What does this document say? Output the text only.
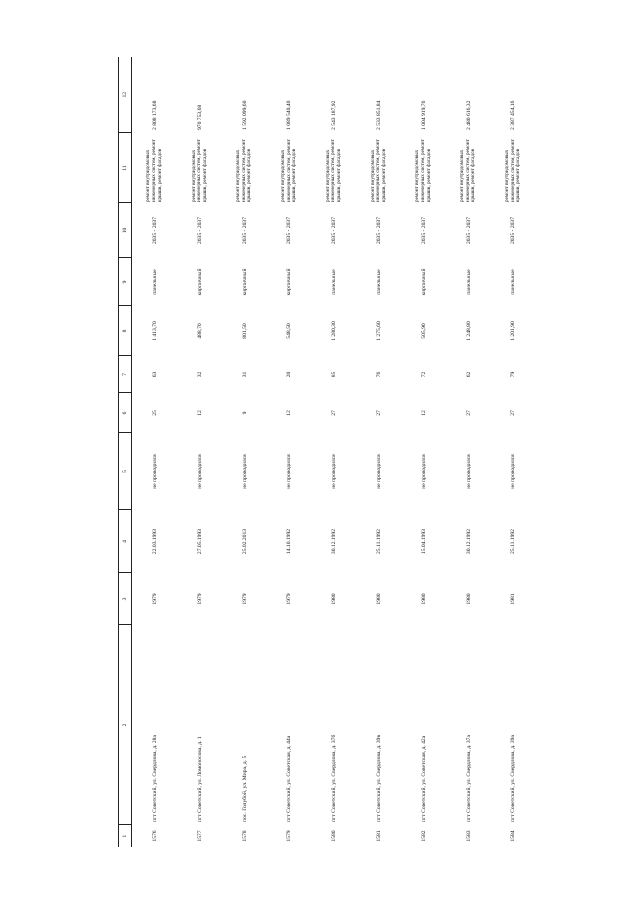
1	2	3	4	5	6	7	8	9	10	11	12
1576	пгт Советский, ул. Свердлова, д. 28а	1979	22.03.1993	не проводился	25	63	1 413,70	панельные	2035 - 2037	ремонт внутридомовых инженерных систем, ремонт крыши, ремонт фасадов	2 808 173,68
1577	пгт Советский, ул. Ломоносова, д. 1	1979	27.05.1993	не проводился	12	32	488,70	кирпичный	2035 - 2037	ремонт внутридомовых инженерных систем, ремонт крыши, ремонт фасадов	970 753,68
1578	пос. Голубой, ул. Мира, д. 5	1979	25.02.2013	не проводился	9	31	801,50	кирпичный	2035 - 2037	ремонт внутридомовых инженерных систем, ремонт крыши, ремонт фасадов	1 592 099,60
1579	пгт Советский, ул. Советская, д. 44а	1979	14.10.1992	не проводился	12	20	548,50	кирпичный	2035 - 2037	ремонт внутридомовых инженерных систем, ремонт крыши, ремонт фасадов	1 089 540,40
1580	пгт Советский, ул. Свердлова, д. 37б	1980	30.12.1992	не проводился	27	85	1 280,30	панельные	2035 - 2037	ремонт внутридомовых инженерных систем, ремонт крыши, ремонт фасадов	2 543 187,92
1581	пгт Советский, ул. Свердлова, д. 39в	1980	25.11.1992	не проводился	27	76	1 275,60	панельные	2035 - 2037	ремонт внутридомовых инженерных систем, ремонт крыши, ремонт фасадов	2 533 851,84
1582	пгт Советский, ул. Советская, д. 42а	1980	15.04.1993	не проводился	12	72	505,90	кирпичный	2035 - 2037	ремонт внутридомовых инженерных систем, ремонт крыши, ремонт фасадов	1 004 919,76
1583	пгт Советский, ул. Свердлова, д. 37а	1980	30.12.1992	не проводился	27	62	1 248,80	панельные	2035 - 2037	ремонт внутридомовых инженерных систем, ремонт крыши, ремонт фасадов	2 480 616,32
1584	пгт Советский, ул. Свердлова, д. 39а	1981	25.11.1992	не проводился	27	79	1 201,90	панельные	2035 - 2037	ремонт внутридомовых инженерных систем, ремонт крыши, ремонт фасадов	2 387 454,16
